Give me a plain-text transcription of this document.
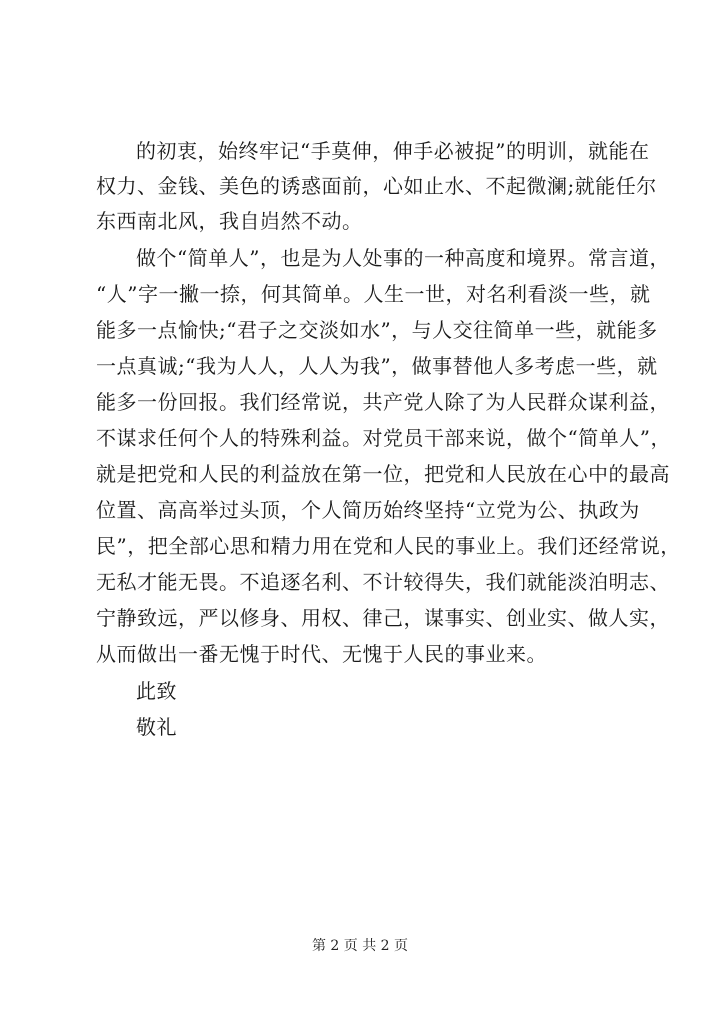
的初衷，始终牢记“手莫伸，伸手必被捉”的明训，就能在
权力、金钱、美色的诱惑面前，心如止水、不起微澜;就能任尔
东西南北风，我自岿然不动。
做个“简单人”，也是为人处事的一种高度和境界。常言道，
“人”字一撇一捺，何其简单。人生一世，对名利看淡一些，就
能多一点愉快;“君子之交淡如水”，与人交往简单一些，就能多
一点真诚;“我为人人，人人为我”，做事替他人多考虑一些，就
能多一份回报。我们经常说，共产党人除了为人民群众谋利益，
不谋求任何个人的特殊利益。对党员干部来说，做个“简单人”，
就是把党和人民的利益放在第一位，把党和人民放在心中的最高
位置、高高举过头顶，个人简历始终坚持“立党为公、执政为
民”，把全部心思和精力用在党和人民的事业上。我们还经常说，
无私才能无畏。不追逐名利、不计较得失，我们就能淡泊明志、
宁静致远，严以修身、用权、律己，谋事实、创业实、做人实，
从而做出一番无愧于时代、无愧于人民的事业来。
此致
敬礼
第 2 页 共 2 页
